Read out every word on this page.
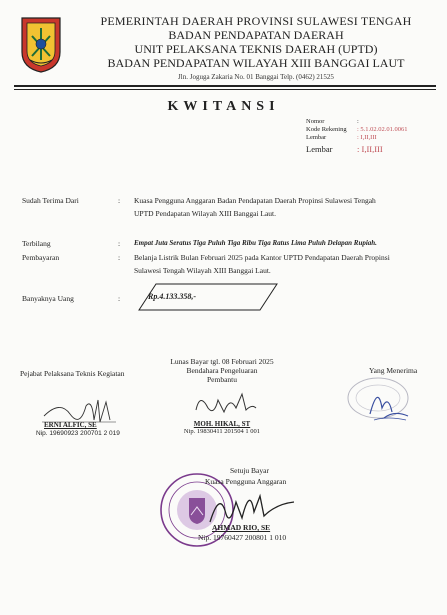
PEMERINTAH DAERAH PROVINSI SULAWESI TENGAH
BADAN PENDAPATAN DAERAH
UNIT PELAKSANA TEKNIS DAERAH (UPTD)
BADAN PENDAPATAN WILAYAH XIII BANGGAI LAUT
Jln. Joguga Zakaria No. 01 Banggai Telp. (0462) 21525
KWITANSI
Nomor	:
Kode Rekening : 5.1.02.02.01.0061
Lembar	: I,II,III
Lembar	: I,II,III
Sudah Terima Dari	: Kuasa Pengguna Anggaran Badan Pendapatan Daerah Propinsi Sulawesi Tengah
UPTD Pendapatan Wilayah XIII Banggai Laut.
Terbilang	: Empat Juta Seratus Tiga Puluh Tiga Ribu Tiga Ratus Lima Puluh Delapan Rupiah.
Pembayaran	: Belanja Listrik Bulan Februari 2025 pada Kantor UPTD Pendapatan Daerah Propinsi
Sulawesi Tengah Wilayah XIII Banggai Laut.
Banyaknya Uang	:	Rp.4.133.358,-
Pejabat Pelaksana Teknis Kegiatan
ERNI ALFIC, SE
Nip. 19690923 200701 2 019
Lunas Bayar tgl. 08 Februari 2025
Bendahara Pengeluaran
Pembantu
MOH. HIKAL, ST
Nip. 19830411 201504 1 001
Yang Menerima
Setuju Bayar
Kuasa Pengguna Anggaran
AHMAD RIO, SE
Nip. 19760427 200801 1 010
